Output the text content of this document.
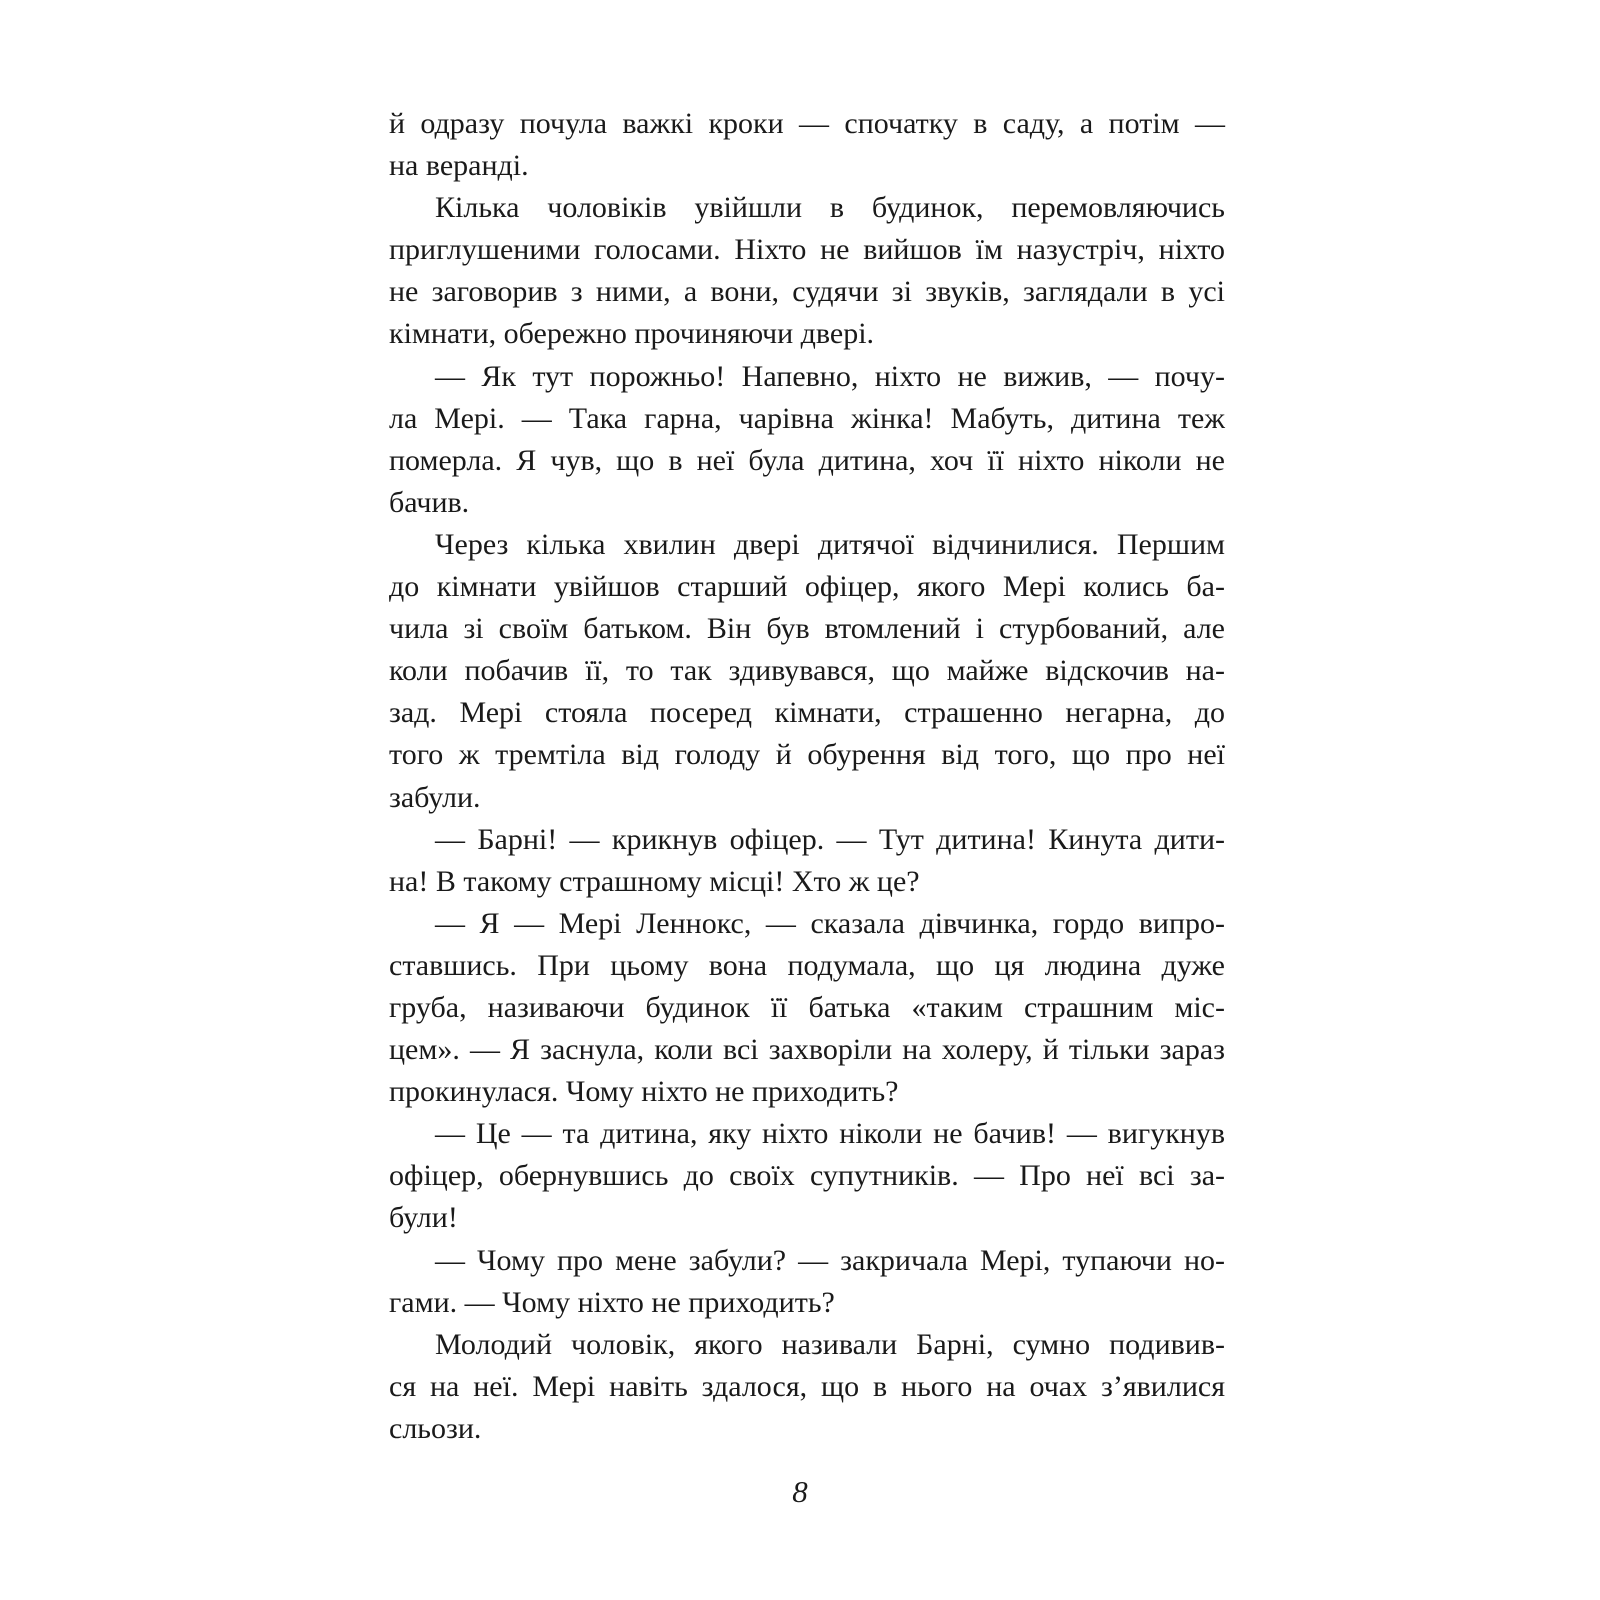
й одразу почула важкі кроки — спочатку в саду, а потім —
на веранді.
Кілька чоловіків увійшли в будинок, перемовляючись
приглушеними голосами. Ніхто не вийшов їм назустріч, ніхто
не заговорив з ними, а вони, судячи зі звуків, заглядали в усі
кімнати, обережно прочиняючи двері.
— Як тут порожньо! Напевно, ніхто не вижив, — почу-
ла Мері. — Така гарна, чарівна жінка! Мабуть, дитина теж
померла. Я чув, що в неї була дитина, хоч її ніхто ніколи не
бачив.
Через кілька хвилин двері дитячої відчинилися. Першим
до кімнати увійшов старший офіцер, якого Мері колись ба-
чила зі своїм батьком. Він був втомлений і стурбований, але
коли побачив її, то так здивувався, що майже відскочив на-
зад. Мері стояла посеред кімнати, страшенно негарна, до
того ж тремтіла від голоду й обурення від того, що про неї
забули.
— Барні! — крикнув офіцер. — Тут дитина! Кинута дити-
на! В такому страшному місці! Хто ж це?
— Я — Мері Леннокс, — сказала дівчинка, гордо випро-
ставшись. При цьому вона подумала, що ця людина дуже
груба, називаючи будинок її батька «таким страшним міс-
цем». — Я заснула, коли всі захворіли на холеру, й тільки зараз
прокинулася. Чому ніхто не приходить?
— Це — та дитина, яку ніхто ніколи не бачив! — вигукнув
офіцер, обернувшись до своїх супутників. — Про неї всі за-
були!
— Чому про мене забули? — закричала Мері, тупаючи но-
гами. — Чому ніхто не приходить?
Молодий чоловік, якого називали Барні, сумно подивив-
ся на неї. Мері навіть здалося, що в нього на очах з’явилися
сльози.
8
